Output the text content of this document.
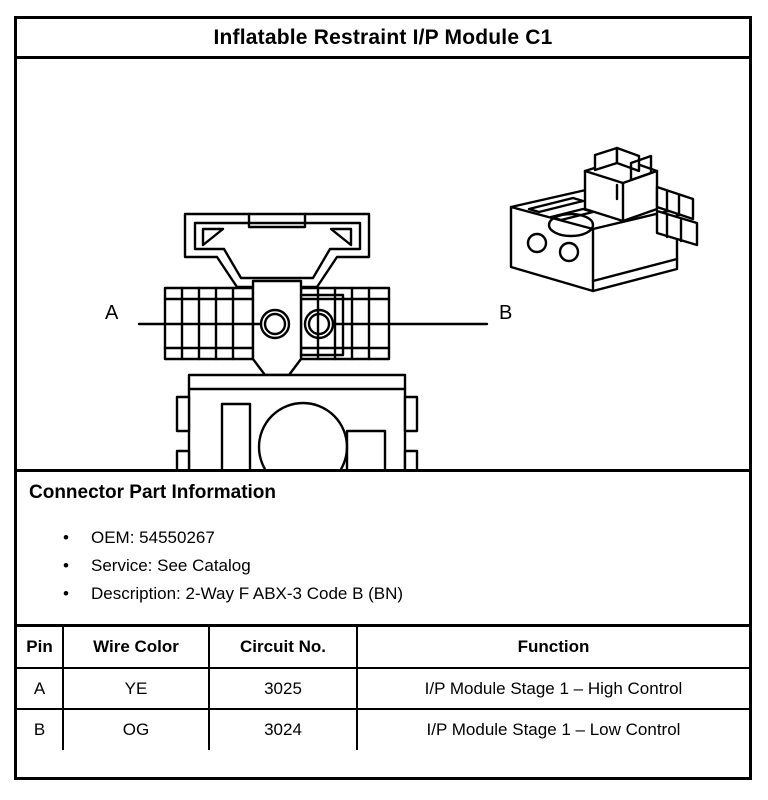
Inflatable Restraint I/P Module C1
A	B
Connector Part Information
• OEM: 54550267
• Service: See Catalog
• Description: 2-Way F ABX-3 Code B (BN)
Pin	Wire Color	Circuit No.	Function
A	YE	3025	I/P Module Stage 1 – High Control
B	OG	3024	I/P Module Stage 1 – Low Control
